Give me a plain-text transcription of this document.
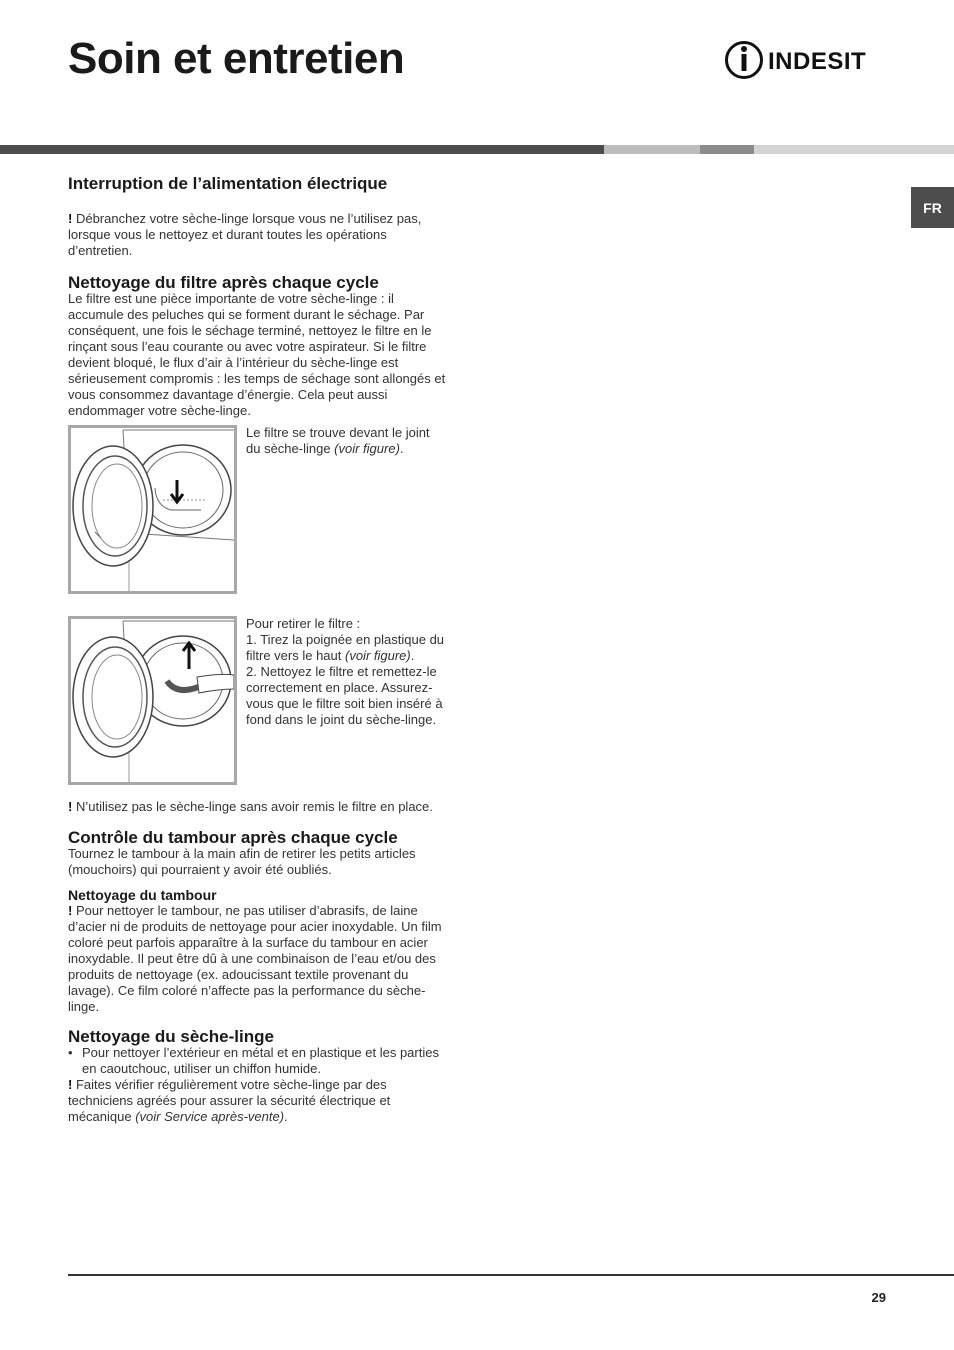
Soin et entretien	INDESIT
FR
Interruption de l’alimentation électrique

! Débranchez votre sèche-linge lorsque vous ne l’utilisez pas, lorsque vous le nettoyez et durant toutes les opérations d’entretien.

Nettoyage du filtre après chaque cycle

Le filtre est une pièce importante de votre sèche-linge : il accumule des peluches qui se forment durant le séchage. Par conséquent, une fois le séchage terminé, nettoyez le filtre en le rinçant sous l’eau courante ou avec votre aspirateur. Si le filtre devient bloqué, le flux d’air à l’intérieur du sèche-linge est sérieusement compromis : les temps de séchage sont allongés et vous consommez davantage d’énergie. Cela peut aussi endommager votre sèche-linge.

Le filtre se trouve devant le joint du sèche-linge (voir figure).

Pour retirer le filtre :

1. Tirez la poignée en plastique du filtre vers le haut (voir figure).

2. Nettoyez le filtre et remettez-le correctement en place. Assurez-vous que le filtre soit bien inséré à fond dans le joint du sèche-linge.

! N’utilisez pas le sèche-linge sans avoir remis le filtre en place.

Contrôle du tambour après chaque cycle

Tournez le tambour à la main afin de retirer les petits articles (mouchoirs) qui pourraient y avoir été oubliés.

Nettoyage du tambour

! Pour nettoyer le tambour, ne pas utiliser d’abrasifs, de laine d’acier ni de produits de nettoyage pour acier inoxydable. Un film coloré peut parfois apparaître à la surface du tambour en acier inoxydable. Il peut être dû à une combinaison de l’eau et/ou des produits de nettoyage (ex. adoucissant textile provenant du lavage). Ce film coloré n’affecte pas la performance du sèche-linge.

Nettoyage du sèche-linge
• Pour nettoyer l’extérieur en métal et en plastique et les parties en caoutchouc, utiliser un chiffon humide.

! Faites vérifier régulièrement votre sèche-linge par des techniciens agréés pour assurer la sécurité électrique et mécanique (voir Service après-vente).

29
